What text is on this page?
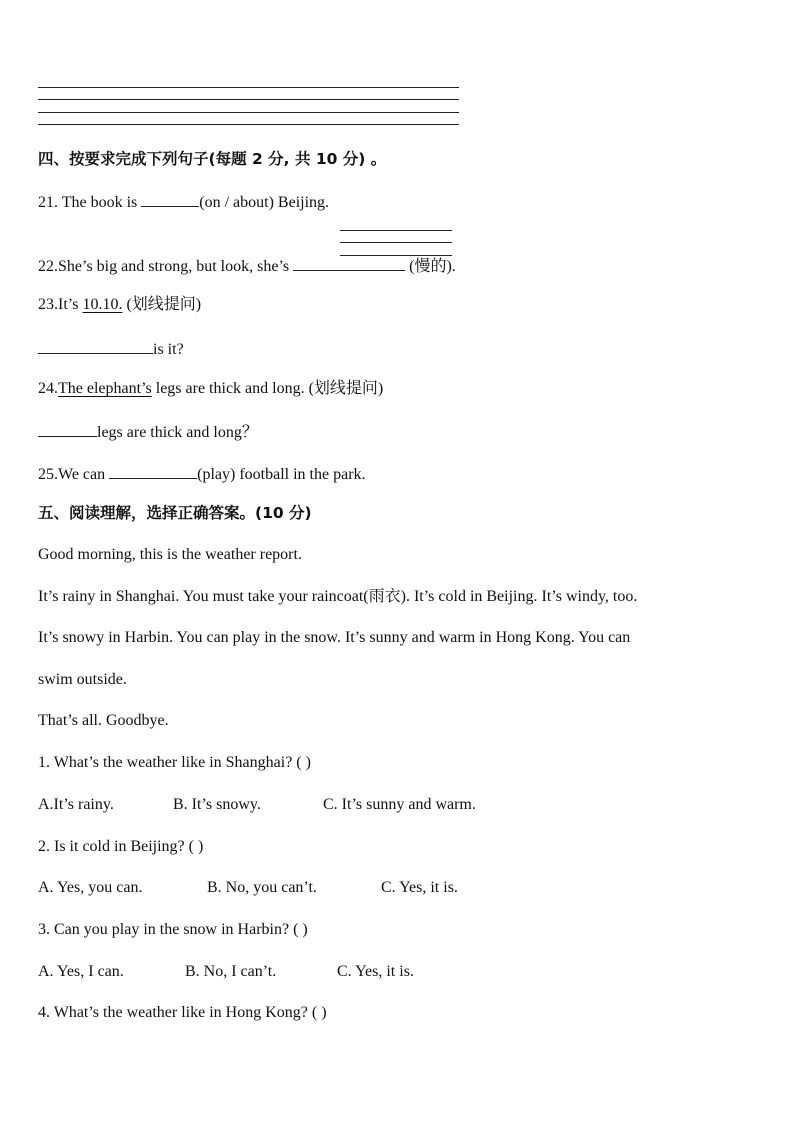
四、按要求完成下列句子(每题 2 分, 共 10 分) 。
21. The book is	(on / about) Beijing.
22.She’s big and strong, but look, she’s	(慢的).
23.It’s 10.10. (划线提问)
is it?
24.The elephant’s legs are thick and long. (划线提问)
legs are thick and long？
25.We can	(play) football in the park.
五、阅读理解，选择正确答案。(10 分)
Good morning, this is the weather report.
It’s rainy in Shanghai. You must take your raincoat(雨衣). It’s cold in Beijing. It’s windy, too.
It’s snowy in Harbin. You can play in the snow. It’s sunny and warm in Hong Kong. You can
swim outside.
That’s all. Goodbye.
1. What’s the weather like in Shanghai? ( )
A.It’s rainy.	B. It’s snowy.	C. It’s sunny and warm.
2. Is it cold in Beijing? ( )
A. Yes, you can.	B. No, you can’t.	C. Yes, it is.
3. Can you play in the snow in Harbin? ( )
A. Yes, I can.	B. No, I can’t.	C. Yes, it is.
4. What’s the weather like in Hong Kong? ( )
